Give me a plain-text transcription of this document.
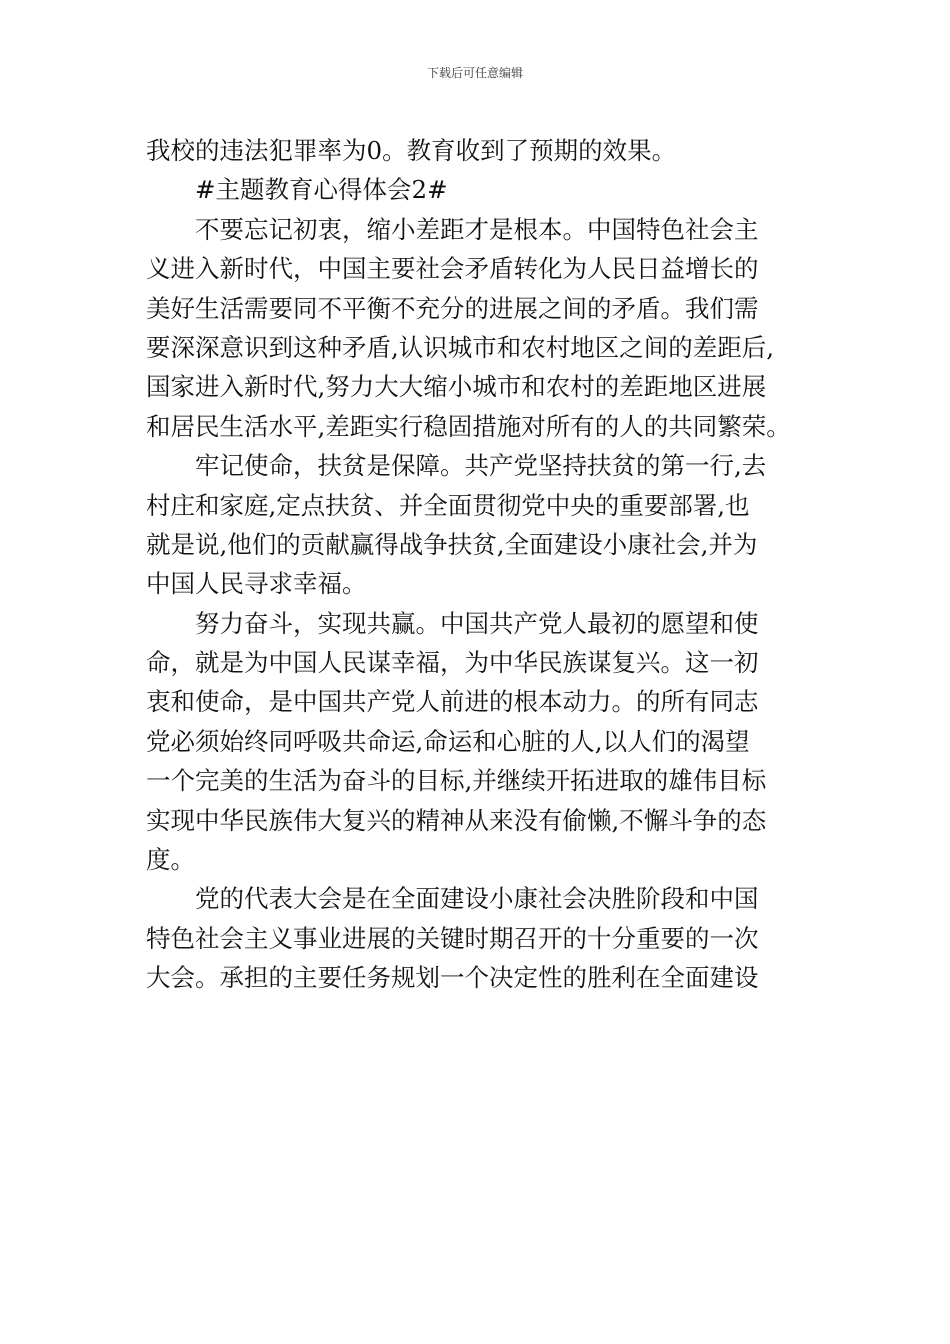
下载后可任意编辑
我校的违法犯罪率为0。教育收到了预期的效果。
#主题教育心得体会2#
不要忘记初衷，缩小差距才是根本。中国特色社会主
义进入新时代，中国主要社会矛盾转化为人民日益增长的
美好生活需要同不平衡不充分的进展之间的矛盾。我们需
要深深意识到这种矛盾,认识城市和农村地区之间的差距后,
国家进入新时代,努力大大缩小城市和农村的差距地区进展
和居民生活水平,差距实行稳固措施对所有的人的共同繁荣。
牢记使命，扶贫是保障。共产党坚持扶贫的第一行,去
村庄和家庭,定点扶贫、并全面贯彻党中央的重要部署,也
就是说,他们的贡献赢得战争扶贫,全面建设小康社会,并为
中国人民寻求幸福。
努力奋斗，实现共赢。中国共产党人最初的愿望和使
命，就是为中国人民谋幸福，为中华民族谋复兴。这一初
衷和使命，是中国共产党人前进的根本动力。的所有同志
党必须始终同呼吸共命运,命运和心脏的人,以人们的渴望
一个完美的生活为奋斗的目标,并继续开拓进取的雄伟目标
实现中华民族伟大复兴的精神从来没有偷懒,不懈斗争的态
度。
党的代表大会是在全面建设小康社会决胜阶段和中国
特色社会主义事业进展的关键时期召开的十分重要的一次
大会。承担的主要任务规划一个决定性的胜利在全面建设
